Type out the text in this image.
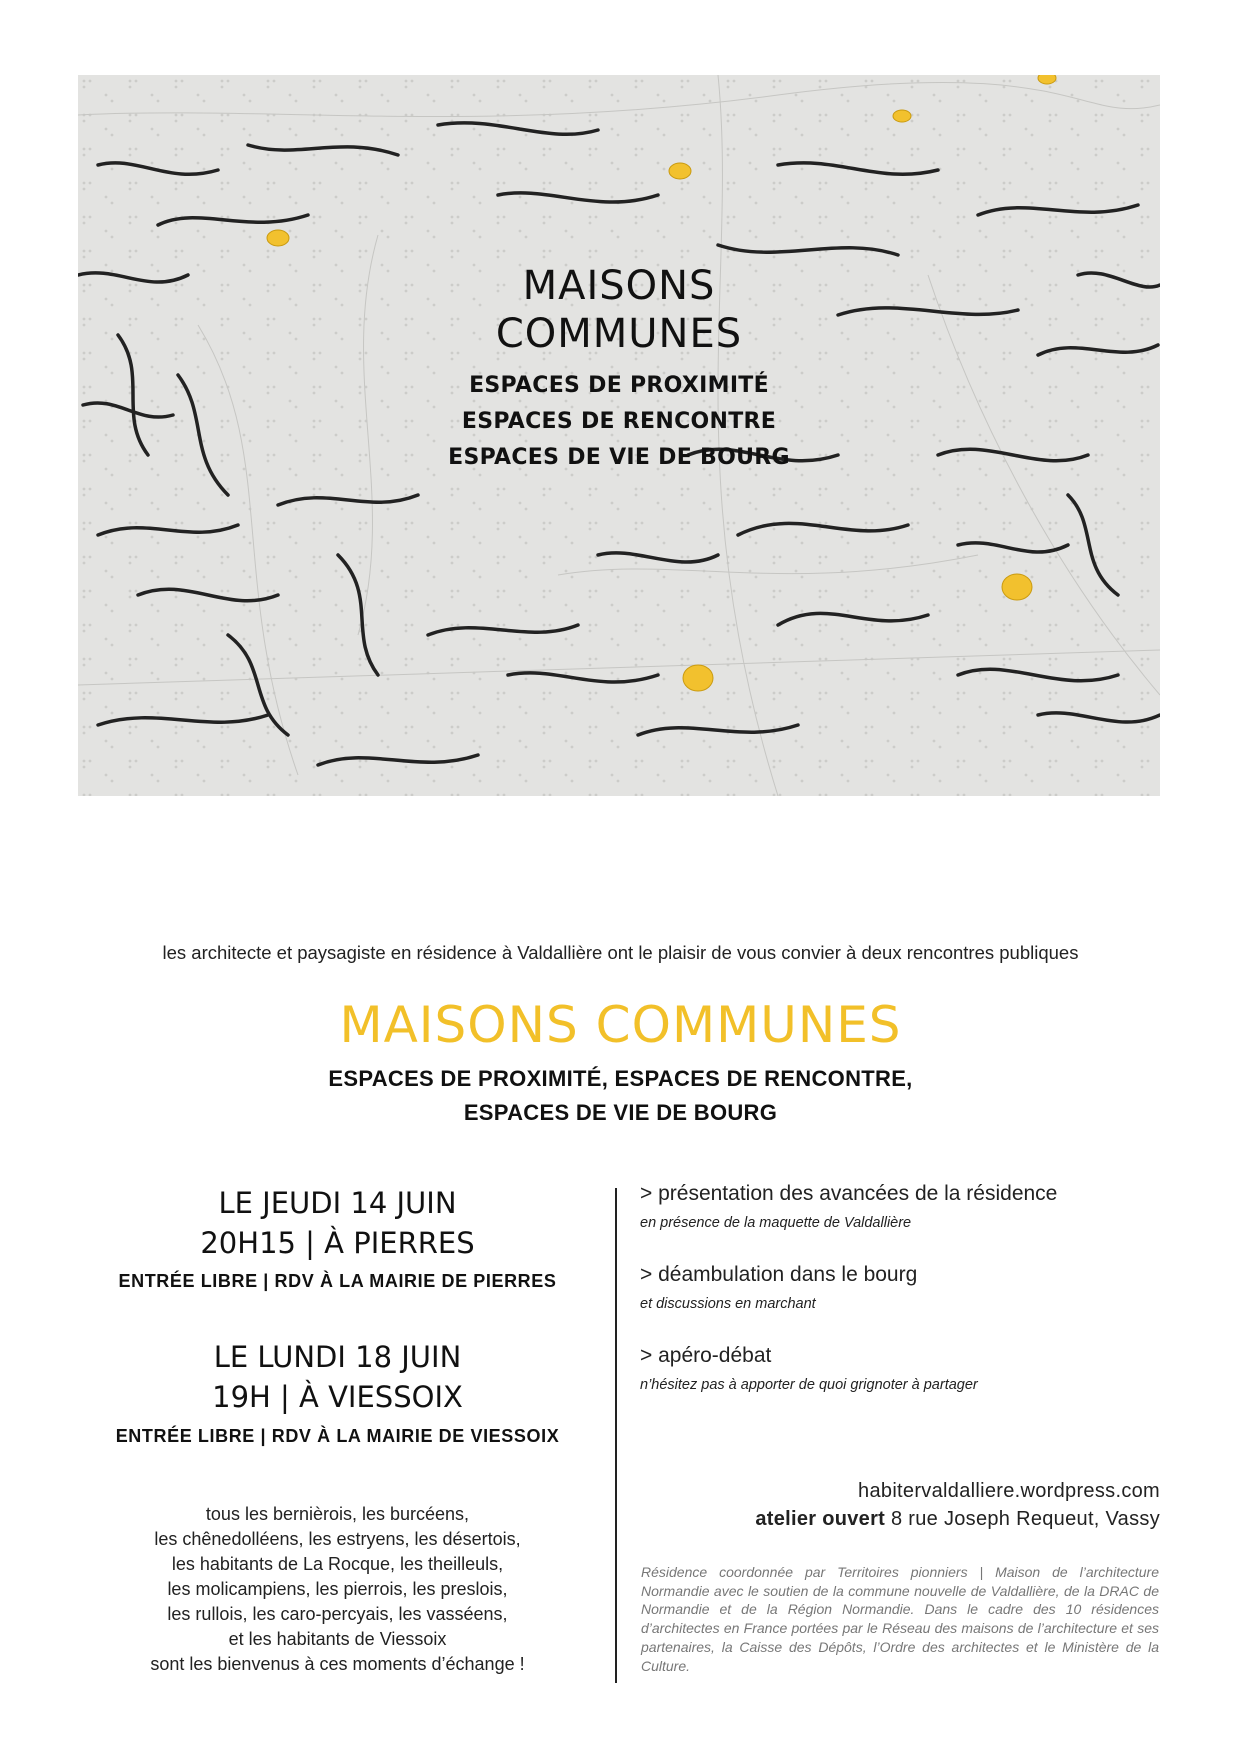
MAISONS
COMMUNES
ESPACES DE PROXIMITÉ
ESPACES DE RENCONTRE
ESPACES DE VIE DE BOURG
les architecte et paysagiste en résidence à Valdallière ont le plaisir de vous convier à deux rencontres publiques
MAISONS COMMUNES
ESPACES DE PROXIMITÉ, ESPACES DE RENCONTRE,
ESPACES DE VIE DE BOURG
LE JEUDI 14 JUIN
20H15 | À PIERRES
ENTRÉE LIBRE | RDV À LA MAIRIE DE PIERRES
LE LUNDI 18 JUIN
19H | À VIESSOIX
ENTRÉE LIBRE | RDV À LA MAIRIE DE VIESSOIX
tous les bernièrois, les burcéens,
les chênedolléens, les estryens, les désertois,
les habitants de La Rocque, les theilleuls,
les molicampiens, les pierrois, les preslois,
les rullois, les caro-percyais, les vasséens,
et les habitants de Viessoix
sont les bienvenus à ces moments d’échange !
> présentation des avancées de la résidence
en présence de la maquette de Valdallière
> déambulation dans le bourg
et discussions en marchant
> apéro-débat
n’hésitez pas à apporter de quoi grignoter à partager
habitervaldalliere.wordpress.com
atelier ouvert 8 rue Joseph Requeut, Vassy
Résidence coordonnée par Territoires pionniers | Maison de l’architecture Normandie avec le soutien de la commune nouvelle de Valdallière, de la DRAC de Normandie et de la Région Normandie. Dans le cadre des 10 résidences d’architectes en France portées par le Réseau des maisons de l’architecture et ses partenaires, la Caisse des Dépôts, l’Ordre des architectes et le Ministère de la Culture.
